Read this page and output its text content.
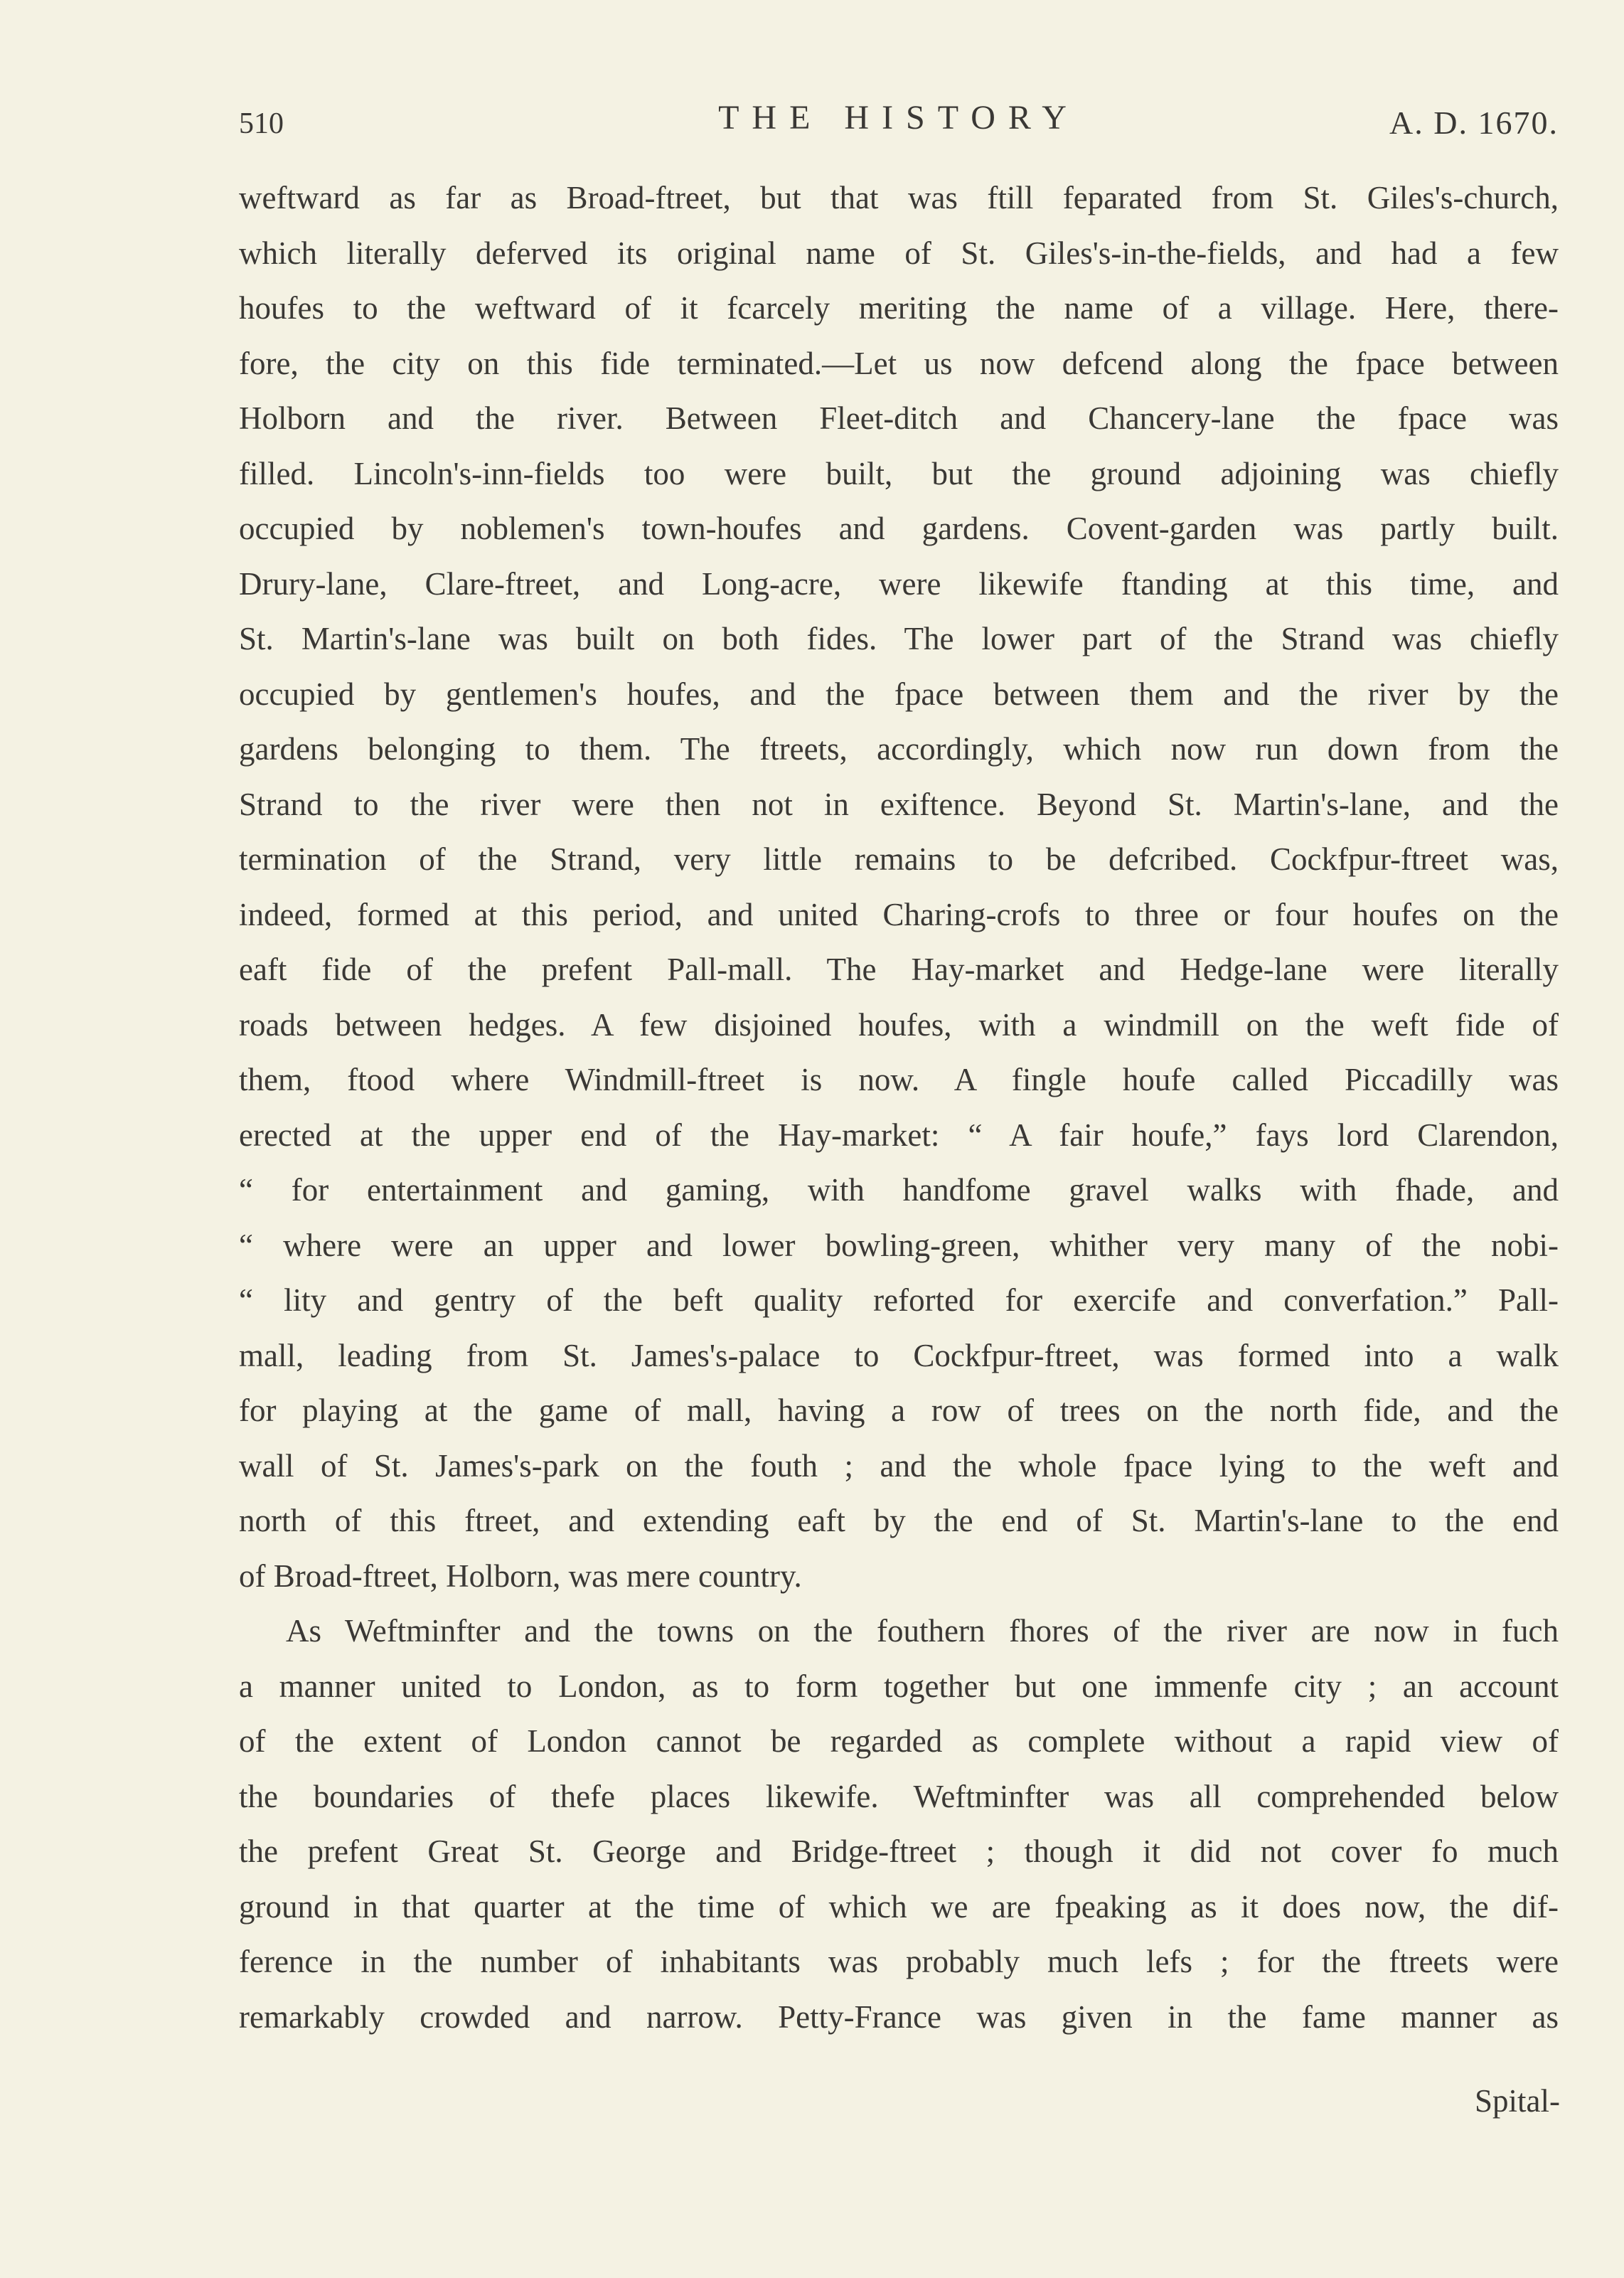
510	THE HISTORY	A. D. 1670.
weftward as far as Broad-ftreet, but that was ftill feparated from St. Giles's-church,
which literally deferved its original name of St. Giles's-in-the-fields, and had a few
houfes to the weftward of it fcarcely meriting the name of a village. Here, there-
fore, the city on this fide terminated.—Let us now defcend along the fpace between
Holborn and the river. Between Fleet-ditch and Chancery-lane the fpace was
filled. Lincoln's-inn-fields too were built, but the ground adjoining was chiefly
occupied by noblemen's town-houfes and gardens. Covent-garden was partly built.
Drury-lane, Clare-ftreet, and Long-acre, were likewife ftanding at this time, and
St. Martin's-lane was built on both fides. The lower part of the Strand was chiefly
occupied by gentlemen's houfes, and the fpace between them and the river by the
gardens belonging to them. The ftreets, accordingly, which now run down from the
Strand to the river were then not in exiftence. Beyond St. Martin's-lane, and the
termination of the Strand, very little remains to be defcribed. Cockfpur-ftreet was,
indeed, formed at this period, and united Charing-crofs to three or four houfes on the
eaft fide of the prefent Pall-mall. The Hay-market and Hedge-lane were literally
roads between hedges. A few disjoined houfes, with a windmill on the weft fide of
them, ftood where Windmill-ftreet is now. A fingle houfe called Piccadilly was
erected at the upper end of the Hay-market: “ A fair houfe,” fays lord Clarendon,
“ for entertainment and gaming, with handfome gravel walks with fhade, and
“ where were an upper and lower bowling-green, whither very many of the nobi-
“ lity and gentry of the beft quality reforted for exercife and converfation.” Pall-
mall, leading from St. James's-palace to Cockfpur-ftreet, was formed into a walk
for playing at the game of mall, having a row of trees on the north fide, and the
wall of St. James's-park on the fouth ; and the whole fpace lying to the weft and
north of this ftreet, and extending eaft by the end of St. Martin's-lane to the end
of Broad-ftreet, Holborn, was mere country.
As Weftminfter and the towns on the fouthern fhores of the river are now in fuch
a manner united to London, as to form together but one immenfe city ; an account
of the extent of London cannot be regarded as complete without a rapid view of
the boundaries of thefe places likewife. Weftminfter was all comprehended below
the prefent Great St. George and Bridge-ftreet ; though it did not cover fo much
ground in that quarter at the time of which we are fpeaking as it does now, the dif-
ference in the number of inhabitants was probably much lefs ; for the ftreets were
remarkably crowded and narrow. Petty-France was given in the fame manner as
Spital-
